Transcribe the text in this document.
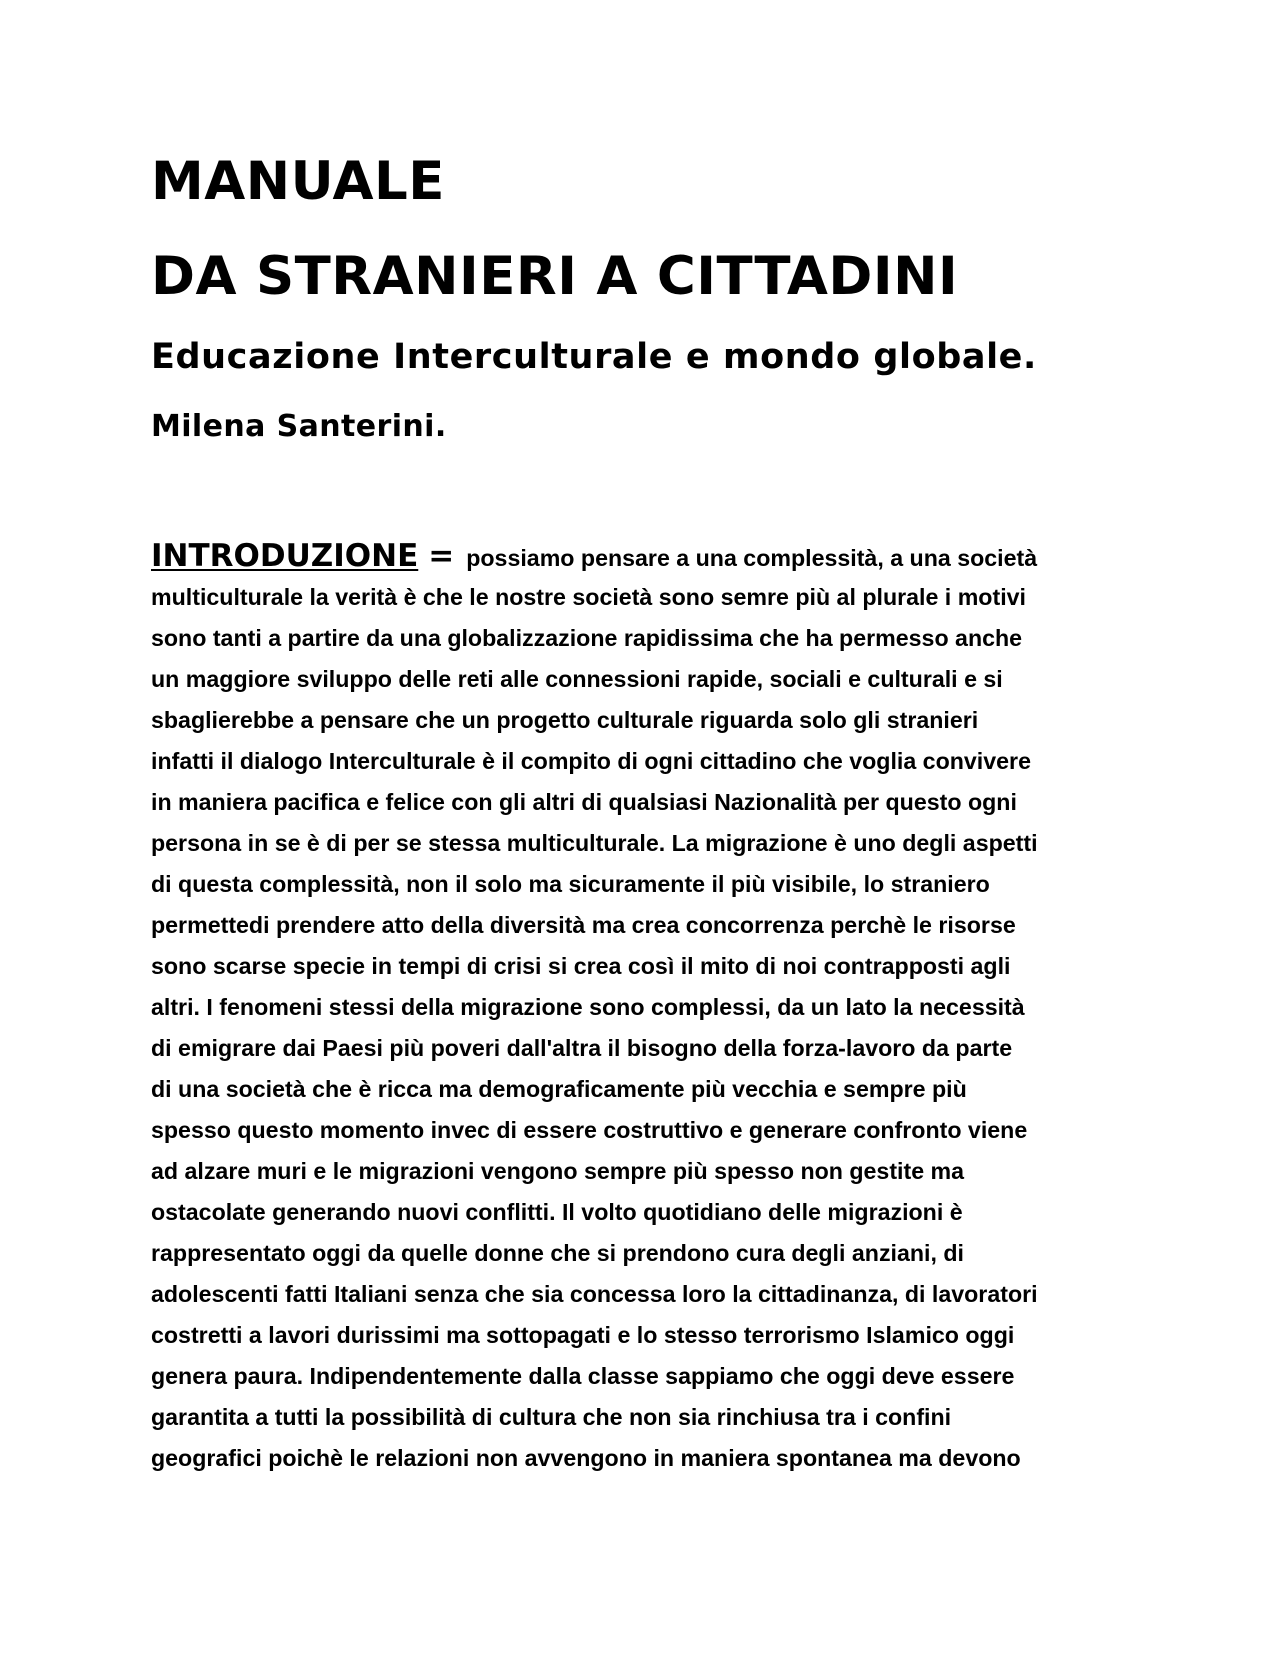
MANUALE
DA STRANIERI A CITTADINI
Educazione Interculturale e mondo globale.
Milena Santerini.
INTRODUZIONE = possiamo pensare a una complessità, a una società
multiculturale la verità è che le nostre società sono semre più al plurale i motivi
sono tanti a partire da una globalizzazione rapidissima che ha permesso anche
un maggiore sviluppo delle reti alle connessioni rapide, sociali e culturali e si
sbaglierebbe a pensare che un progetto culturale riguarda solo gli stranieri
infatti il dialogo Interculturale è il compito di ogni cittadino che voglia convivere
in maniera pacifica e felice con gli altri di qualsiasi Nazionalità per questo ogni
persona in se è di per se stessa multiculturale. La migrazione è uno degli aspetti
di questa complessità, non il solo ma sicuramente il più visibile, lo straniero
permettedi prendere atto della diversità ma crea concorrenza perchè le risorse
sono scarse specie in tempi di crisi si crea così il mito di noi contrapposti agli
altri. I fenomeni stessi della migrazione sono complessi, da un lato la necessità
di emigrare dai Paesi più poveri dall'altra il bisogno della forza-lavoro da parte
di una società che è ricca ma demograficamente più vecchia e sempre più
spesso questo momento invec di essere costruttivo e generare confronto viene
ad alzare muri e le migrazioni vengono sempre più spesso non gestite ma
ostacolate generando nuovi conflitti. Il volto quotidiano delle migrazioni è
rappresentato oggi da quelle donne che si prendono cura degli anziani, di
adolescenti fatti Italiani senza che sia concessa loro la cittadinanza, di lavoratori
costretti a lavori durissimi ma sottopagati e lo stesso terrorismo Islamico oggi
genera paura. Indipendentemente dalla classe sappiamo che oggi deve essere
garantita a tutti la possibilità di cultura che non sia rinchiusa tra i confini
geografici poichè le relazioni non avvengono in maniera spontanea ma devono
